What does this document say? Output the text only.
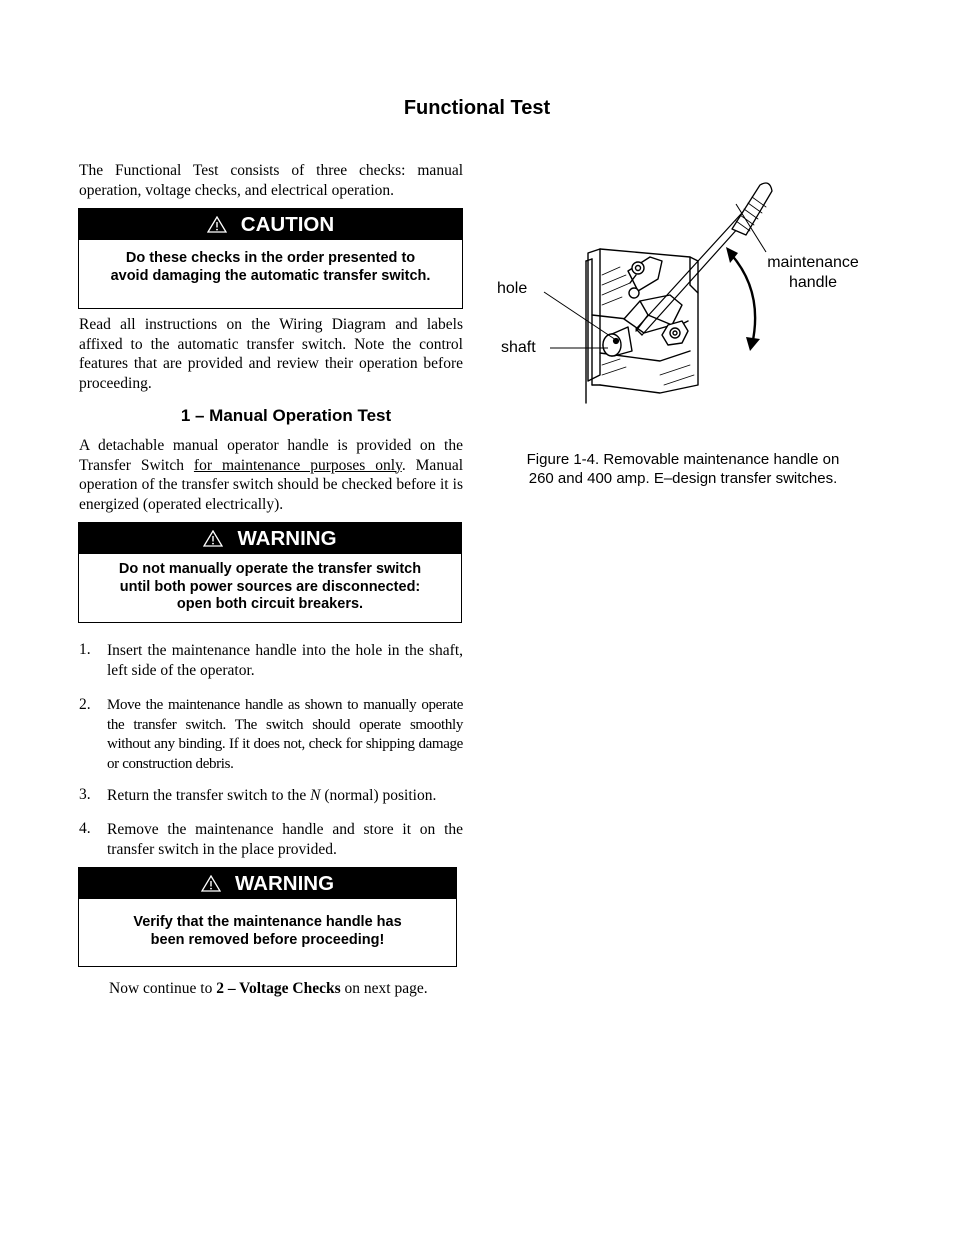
Functional Test
The Functional Test consists of three checks: manual operation, voltage checks, and electrical operation.
CAUTION
Do these checks in the order presented to
avoid damaging the automatic transfer switch.
Read all instructions on the Wiring Diagram and labels affixed to the automatic transfer switch. Note the control features that are provided and review their operation before proceeding.
1 – Manual Operation Test
A detachable manual operator handle is provided on the Transfer Switch for maintenance purposes only. Manual operation of the transfer switch should be checked before it is energized (operated electrically).
WARNING
Do not manually operate the transfer switch
until both power sources are disconnected:
open both circuit breakers.
1. Insert the maintenance handle into the hole in the shaft, left side of the operator.
2. Move the maintenance handle as shown to manually operate the transfer switch. The switch should operate smoothly without any binding. If it does not, check for shipping damage or construction debris.
3. Return the transfer switch to the N (normal) position.
4. Remove the maintenance handle and store it on the transfer switch in the place provided.
WARNING
Verify that the maintenance handle has
been removed before proceeding!
Now continue to 2 – Voltage Checks on next page.
maintenance
handle
hole
shaft
Figure 1-4. Removable maintenance handle on
260 and 400 amp. E–design transfer switches.
